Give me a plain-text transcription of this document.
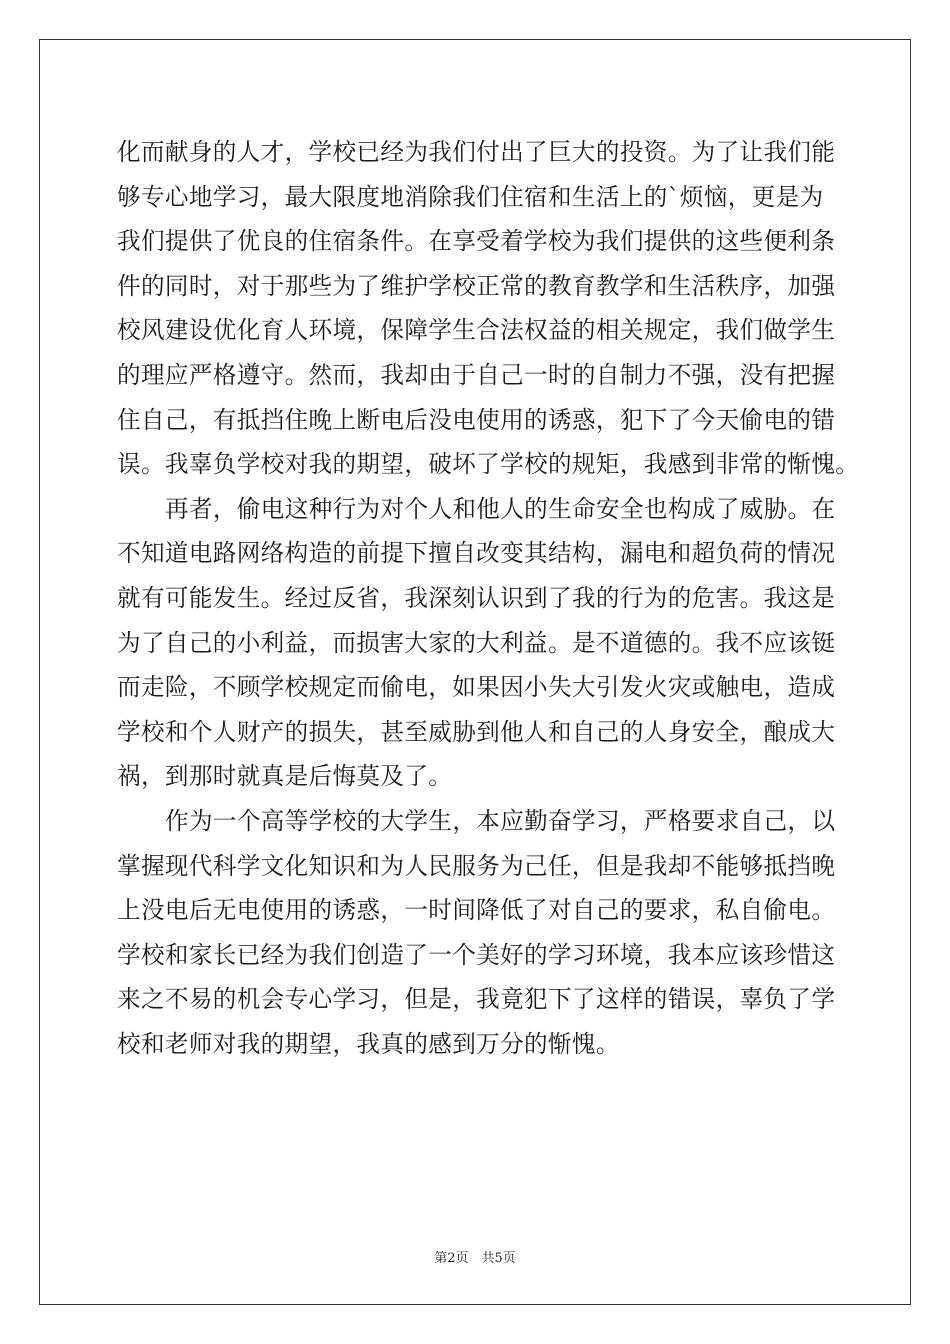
化而献身的人才，学校已经为我们付出了巨大的投资。为了让我们能
够专心地学习，最大限度地消除我们住宿和生活上的`烦恼，更是为
我们提供了优良的住宿条件。在享受着学校为我们提供的这些便利条
件的同时，对于那些为了维护学校正常的教育教学和生活秩序，加强
校风建设优化育人环境，保障学生合法权益的相关规定，我们做学生
的理应严格遵守。然而，我却由于自己一时的自制力不强，没有把握
住自己，有抵挡住晚上断电后没电使用的诱惑，犯下了今天偷电的错
误。我辜负学校对我的期望，破坏了学校的规矩，我感到非常的惭愧。
再者，偷电这种行为对个人和他人的生命安全也构成了威胁。在
不知道电路网络构造的前提下擅自改变其结构，漏电和超负荷的情况
就有可能发生。经过反省，我深刻认识到了我的行为的危害。我这是
为了自己的小利益，而损害大家的大利益。是不道德的。我不应该铤
而走险，不顾学校规定而偷电，如果因小失大引发火灾或触电，造成
学校和个人财产的损失，甚至威胁到他人和自己的人身安全，酿成大
祸，到那时就真是后悔莫及了。
作为一个高等学校的大学生，本应勤奋学习，严格要求自己，以
掌握现代科学文化知识和为人民服务为己任，但是我却不能够抵挡晚
上没电后无电使用的诱惑，一时间降低了对自己的要求，私自偷电。
学校和家长已经为我们创造了一个美好的学习环境，我本应该珍惜这
来之不易的机会专心学习，但是，我竟犯下了这样的错误，辜负了学
校和老师对我的期望，我真的感到万分的惭愧。
第2页　共5页
